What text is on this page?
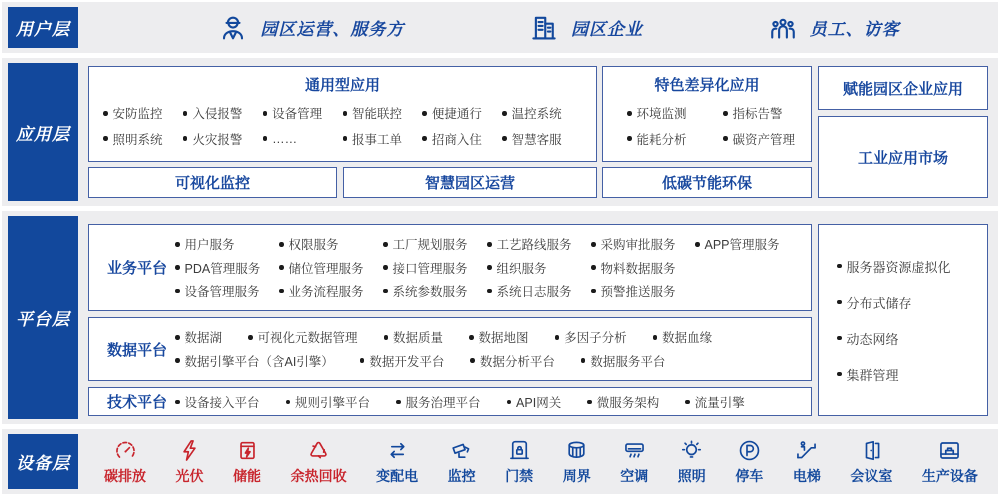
用户层	园区运营、服务方	园区企业	员工、访客
应用层
通用型应用
安防监控 入侵报警 设备管理 智能联控 便捷通行 温控系统
照明系统 火灾报警 ……	报事工单 招商入住 智慧客服
特色差异化应用
环境监测	指标告警
能耗分析	碳资产管理
可视化监控	智慧园区运营	低碳节能环保
赋能园区企业应用
工业应用市场
平台层
业务平台
用户服务	权限服务	工厂规划服务 工艺路线服务 采购审批服务 APP管理服务
PDA管理服务 储位管理服务 接口管理服务 组织服务	物料数据服务
设备管理服务 业务流程服务 系统参数服务 系统日志服务 预警推送服务
数据平台
数据湖	可视化元数据管理	数据质量	数据地图	多因子分析	数据血缘
数据引擎平台（含AI引擎）	数据开发平台	数据分析平台	数据服务平台
技术平台	设备接入平台	规则引擎平台	服务治理平台	API网关	微服务架构	流量引擎
服务器资源虚拟化
分布式储存
动态网络
集群管理
设备层
碳排放 光伏 储能 余热回收 变配电 监控 门禁 周界 空调 照明 停车 电梯 会议室 生产设备
